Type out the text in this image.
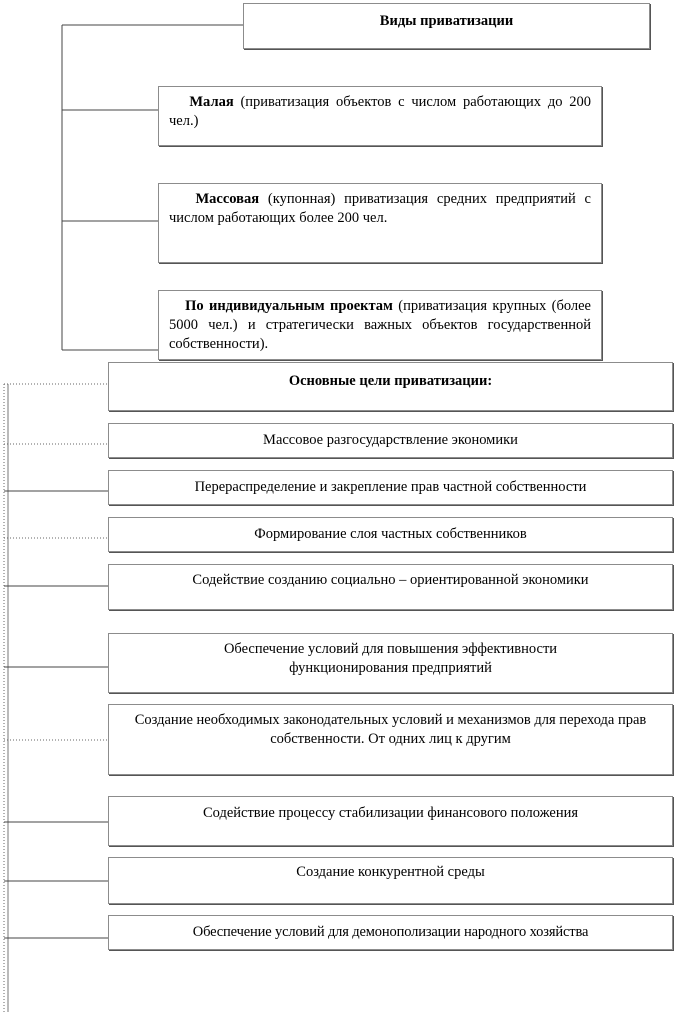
Виды приватизации
Малая (приватизация объектов с числом работающих до 200 чел.)
Массовая (купонная) приватизация средних предприятий с числом работающих более 200 чел.
По индивидуальным проектам (приватизация крупных (более 5000 чел.) и стратегически важных объектов государственной собственности).
Основные цели приватизации:
Массовое разгосударствление экономики
Перераспределение и закрепление прав частной собственности
Формирование слоя частных собственников
Содействие созданию социально – ориентированной экономики
Обеспечение условий для повышения эффективности функционирования предприятий
Создание необходимых законодательных условий и механизмов для перехода прав собственности. От одних лиц к другим
Содействие процессу стабилизации финансового положения
Создание конкурентной среды
Обеспечение условий для демонополизации народного хозяйства
